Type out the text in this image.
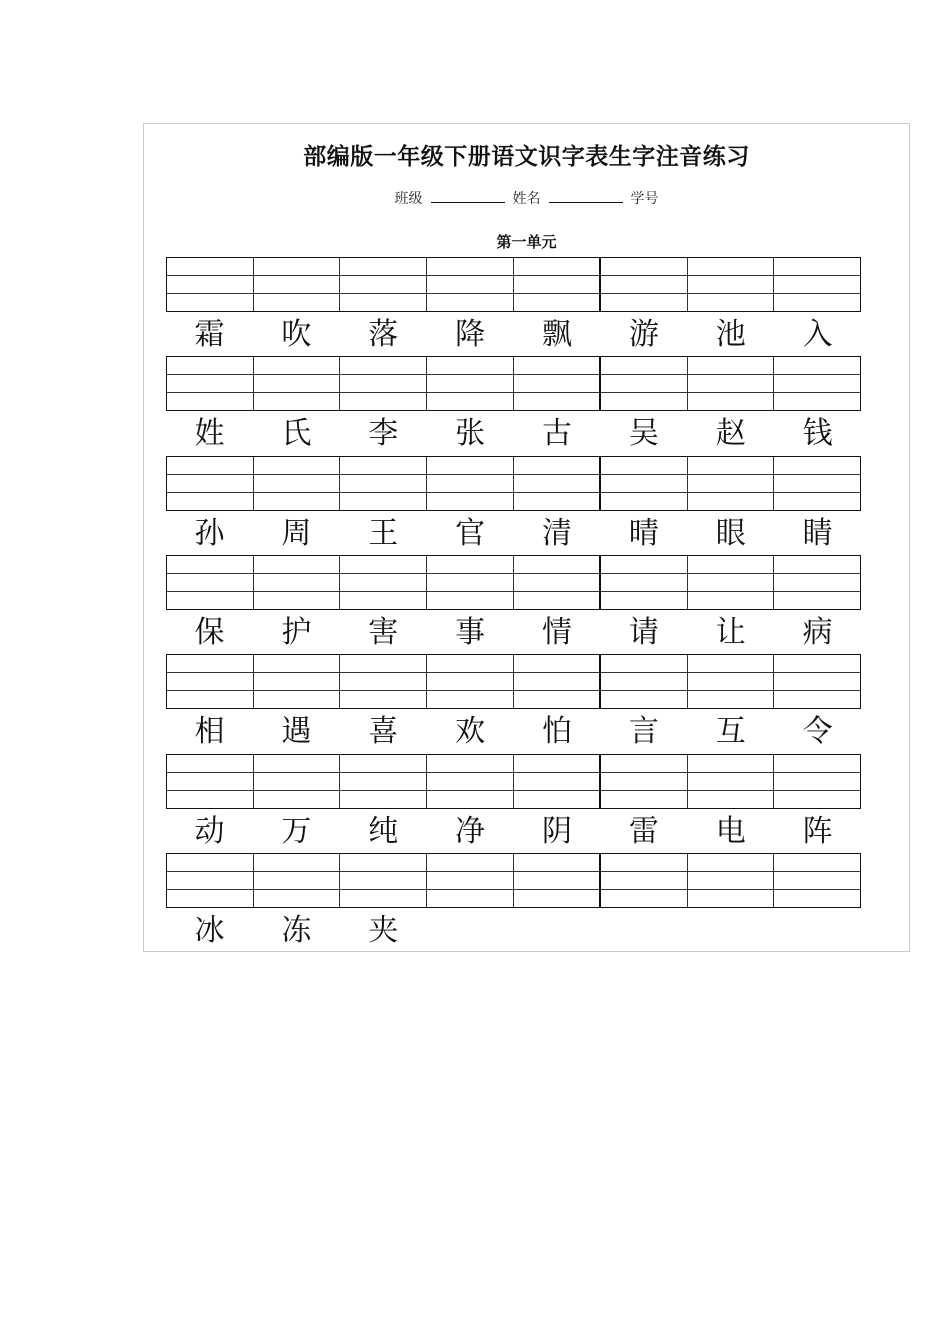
部编版一年级下册语文识字表生字注音练习
班级	姓名	学号
第一单元
霜	吹	落	降	飘	游	池	入
姓	氏	李	张	古	吴	赵	钱
孙	周	王	官	清	晴	眼	睛
保	护	害	事	情	请	让	病
相	遇	喜	欢	怕	言	互	令
动	万	纯	净	阴	雷	电	阵
冰	冻	夹
